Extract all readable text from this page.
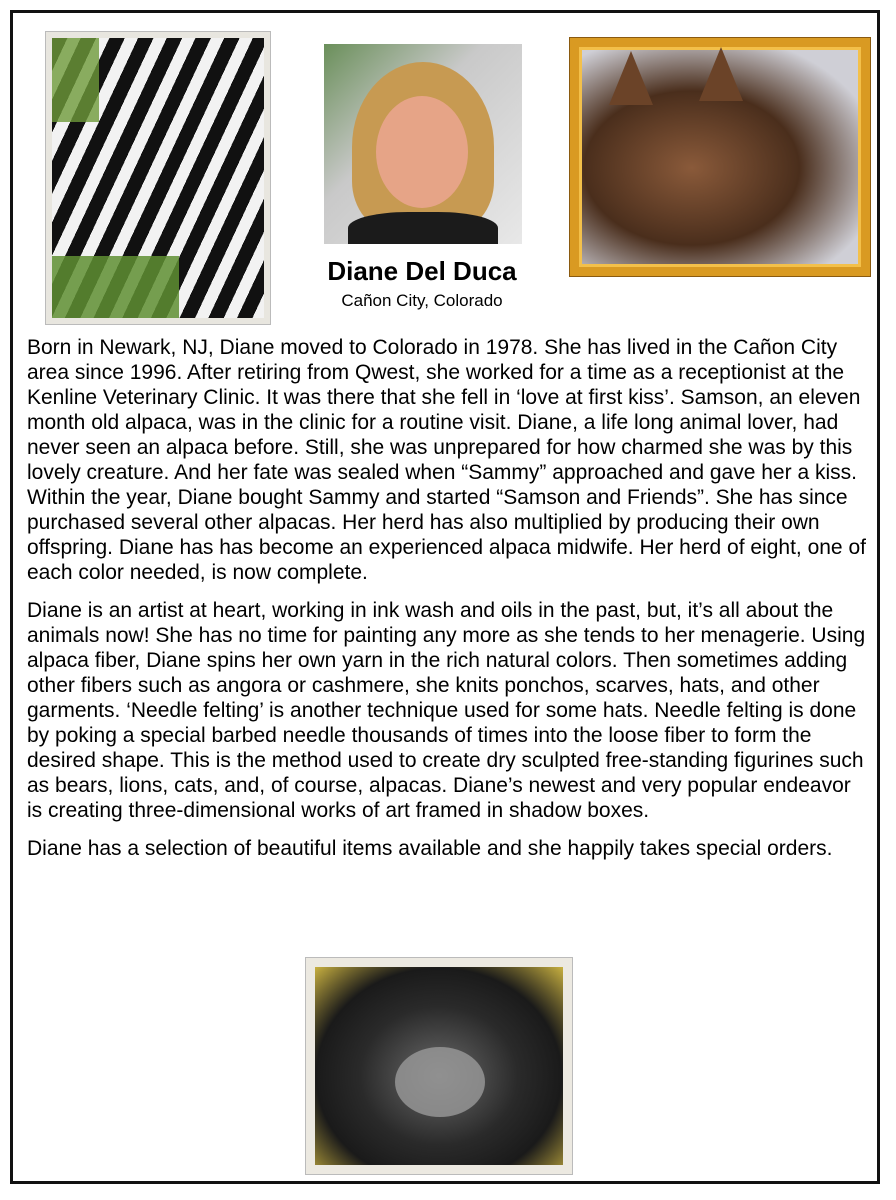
Diane Del Duca
Cañon City, Colorado

Born in Newark, NJ, Diane moved to Colorado in 1978. She has lived in the Cañon City area since 1996. After retiring from Qwest, she worked for a time as a receptionist at the Kenline Veterinary Clinic. It was there that she fell in ‘love at first kiss’. Samson, an eleven month old alpaca, was in the clinic for a routine visit. Diane, a life long animal lover, had never seen an alpaca before. Still, she was unprepared for how charmed she was by this lovely creature. And her fate was sealed when “Sammy” approached and gave her a kiss. Within the year, Diane bought Sammy and started “Samson and Friends”. She has since purchased several other alpacas. Her herd has also multiplied by producing their own offspring. Diane has has become an experienced alpaca midwife. Her herd of eight, one of each color needed, is now complete.

Diane is an artist at heart, working in ink wash and oils in the past, but, it’s all about the animals now! She has no time for painting any more as she tends to her menagerie. Using alpaca fiber, Diane spins her own yarn in the rich natural colors. Then sometimes adding other fibers such as angora or cashmere, she knits ponchos, scarves, hats, and other garments. ‘Needle felting’ is another technique used for some hats. Needle felting is done by poking a special barbed needle thousands of times into the loose fiber to form the desired shape. This is the method used to create dry sculpted free-standing figurines such as bears, lions, cats, and, of course, alpacas. Diane’s newest and very popular endeavor is creating three-dimensional works of art framed in shadow boxes.

Diane has a selection of beautiful items available and she happily takes special orders.
